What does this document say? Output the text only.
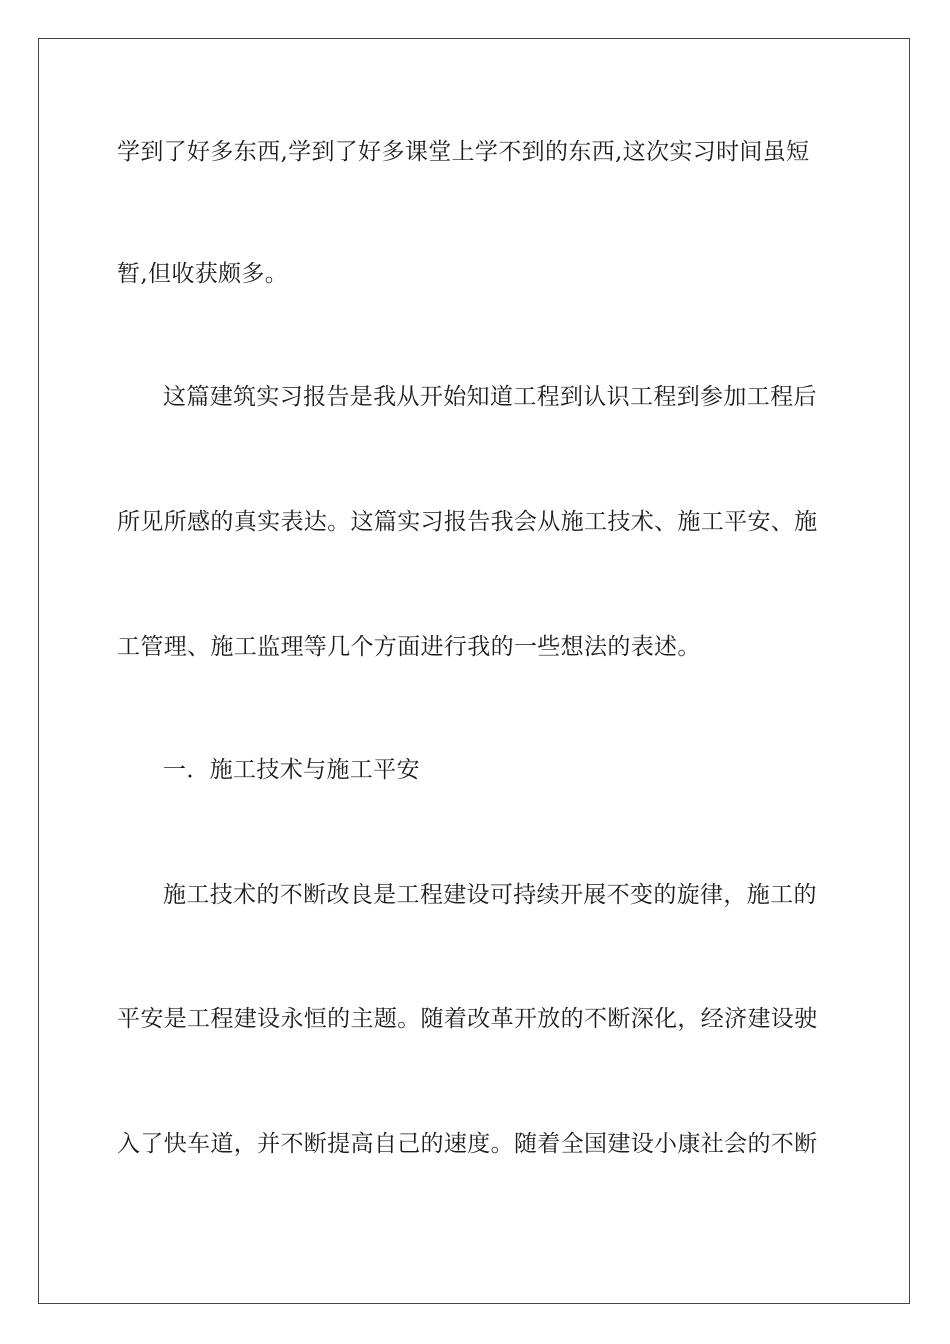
学到了好多东西,学到了好多课堂上学不到的东西,这次实习时间虽短
暂,但收获颇多。
这篇建筑实习报告是我从开始知道工程到认识工程到参加工程后
所见所感的真实表达。这篇实习报告我会从施工技术、施工平安、施
工管理、施工监理等几个方面进行我的一些想法的表述。
一．施工技术与施工平安
施工技术的不断改良是工程建设可持续开展不变的旋律，施工的
平安是工程建设永恒的主题。随着改革开放的不断深化，经济建设驶
入了快车道，并不断提高自己的速度。随着全国建设小康社会的不断
